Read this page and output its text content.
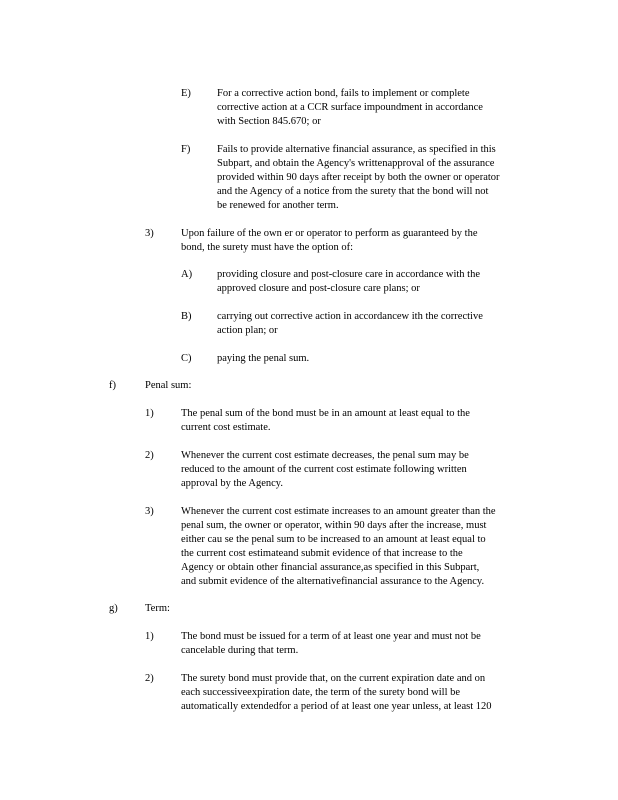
E) For a corrective action bond, fails to implement or complete
corrective action at a CCR surface impoundment in accordance
with Section 845.670; or
F)	Fails to provide alternative financial assurance, as specified in this
Subpart, and obtain the Agency's writtenapproval of the assurance
provided within 90 days after receipt by both the owner or operator
and the Agency of a notice from the surety that the bond will not
be renewed for another term.
3)	Upon failure of the own er or operator to perform as guaranteed by the
bond, the surety must have the option of:
A) providing closure and post-closure care in accordance with the
approved closure and post-closure care plans; or
B) carrying out corrective action in accordancew ith the corrective
action plan; or
C) paying the penal sum.
f)	Penal sum:
1)	The penal sum of the bond must be in an amount at least equal to the
current cost estimate.
2)	Whenever the current cost estimate decreases, the penal sum may be
reduced to the amount of the current cost estimate following written
approval by the Agency.
3)	Whenever the current cost estimate increases to an amount greater than the
penal sum, the owner or operator, within 90 days after the increase, must
either cau se the penal sum to be increased to an amount at least equal to
the current cost estimateand submit evidence of that increase to the
Agency or obtain other financial assurance,as specified in this Subpart,
and submit evidence of the alternativefinancial assurance to the Agency.
g)	Term:
1)	The bond must be issued for a term of at least one year and must not be
cancelable during that term.
2)	The surety bond must provide that, on the current expiration date and on
each successiveexpiration date, the term of the surety bond will be
automatically extendedfor a period of at least one year unless, at least 120
